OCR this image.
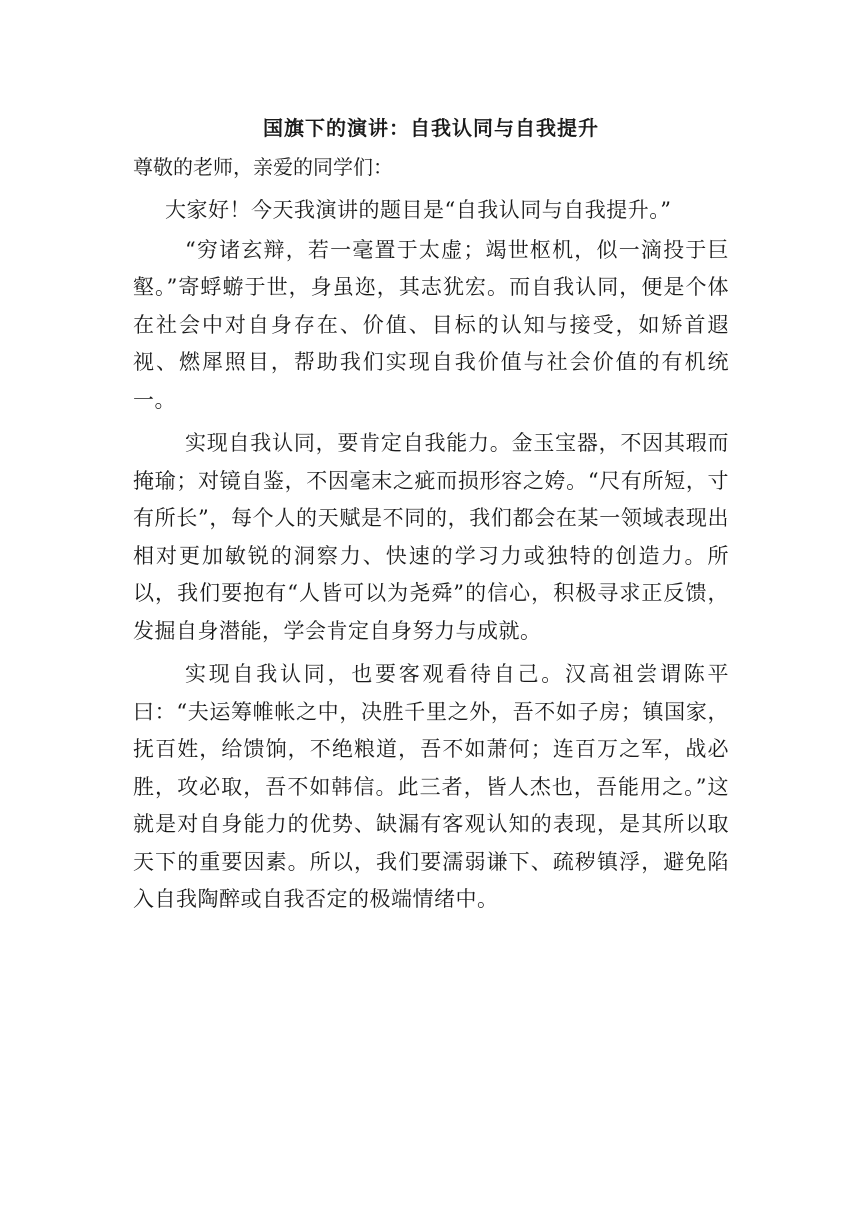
国旗下的演讲：自我认同与自我提升

尊敬的老师，亲爱的同学们：

大家好！今天我演讲的题目是“自我认同与自我提升。”

“穷诸玄辩，若一毫置于太虚；竭世枢机，似一滴投于巨壑。”寄蜉蝣于世，身虽迩，其志犹宏。而自我认同，便是个体在社会中对自身存在、价值、目标的认知与接受，如矫首遐视、燃犀照目，帮助我们实现自我价值与社会价值的有机统一。

实现自我认同，要肯定自我能力。金玉宝器，不因其瑕而掩瑜；对镜自鉴，不因毫末之疵而损形容之姱。“尺有所短，寸有所长”，每个人的天赋是不同的，我们都会在某一领域表现出相对更加敏锐的洞察力、快速的学习力或独特的创造力。所以，我们要抱有“人皆可以为尧舜”的信心，积极寻求正反馈，发掘自身潜能，学会肯定自身努力与成就。

实现自我认同，也要客观看待自己。汉高祖尝谓陈平曰：“夫运筹帷帐之中，决胜千里之外，吾不如子房；镇国家，抚百姓，给馈饷，不绝粮道，吾不如萧何；连百万之军，战必胜，攻必取，吾不如韩信。此三者，皆人杰也，吾能用之。”这就是对自身能力的优势、缺漏有客观认知的表现，是其所以取天下的重要因素。所以，我们要濡弱谦下、疏秽镇浮，避免陷入自我陶醉或自我否定的极端情绪中。
